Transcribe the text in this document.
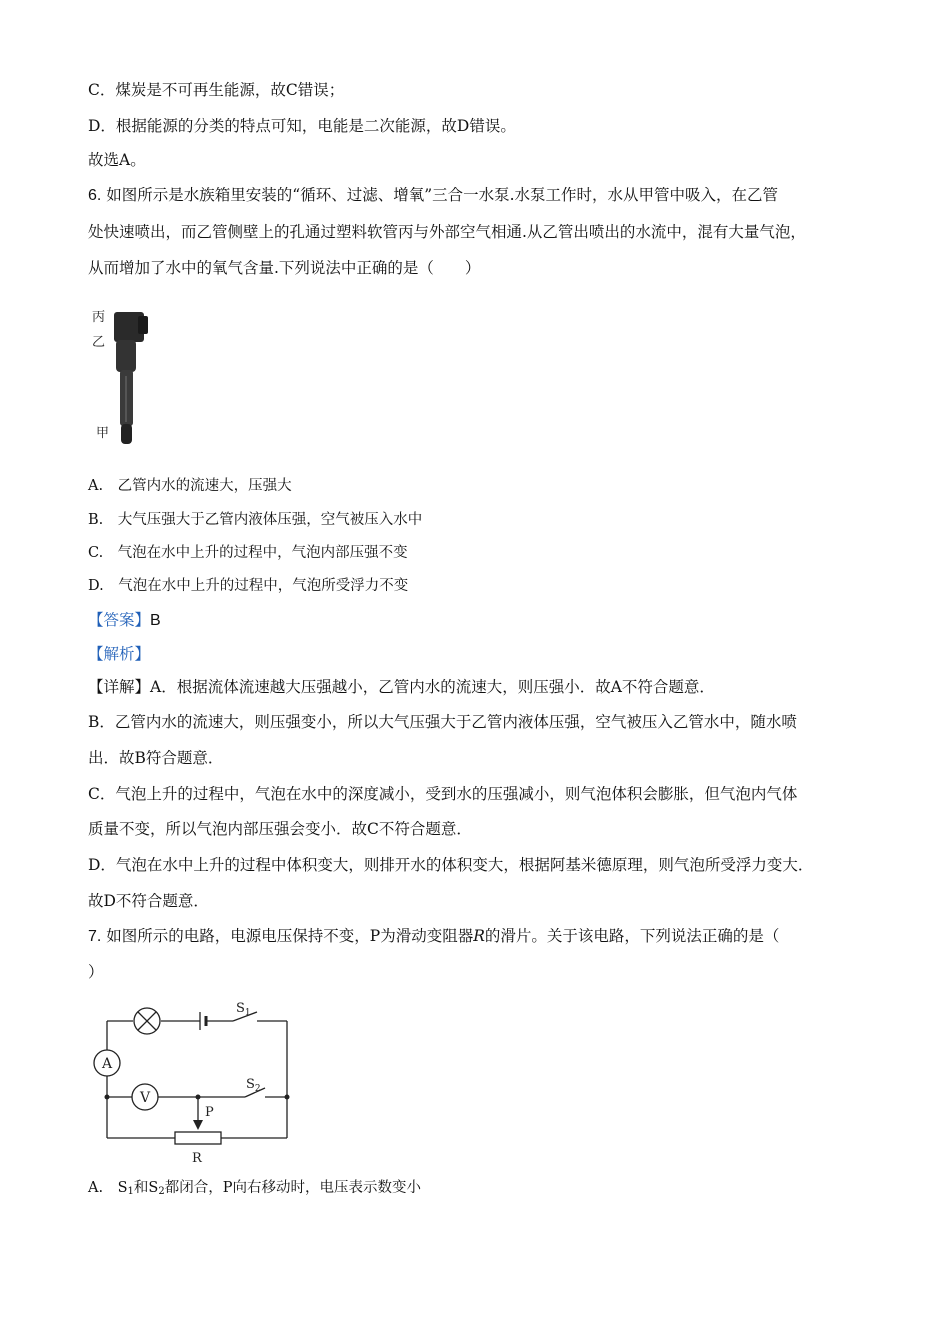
C．煤炭是不可再生能源，故C错误；
D．根据能源的分类的特点可知，电能是二次能源，故D错误。
故选A。
6. 如图所示是水族箱里安装的“循环、过滤、增氧”三合一水泵.水泵工作时，水从甲管中吸入，在乙管
处快速喷出，而乙管侧壁上的孔通过塑料软管丙与外部空气相通.从乙管出喷出的水流中，混有大量气泡，
从而增加了水中的氧气含量.下列说法中正确的是（　　）
丙
乙
甲
A.　乙管内水的流速大，压强大
B.　大气压强大于乙管内液体压强，空气被压入水中
C.　气泡在水中上升的过程中，气泡内部压强不变
D.　气泡在水中上升的过程中，气泡所受浮力不变
【答案】B
【解析】
【详解】A．根据流体流速越大压强越小，乙管内水的流速大，则压强小．故A不符合题意．
B．乙管内水的流速大，则压强变小，所以大气压强大于乙管内液体压强，空气被压入乙管水中，随水喷
出．故B符合题意．
C．气泡上升的过程中，气泡在水中的深度减小，受到水的压强减小，则气泡体积会膨胀，但气泡内气体
质量不变，所以气泡内部压强会变小．故C不符合题意．
D．气泡在水中上升的过程中体积变大，则排开水的体积变大，根据阿基米德原理，则气泡所受浮力变大．
故D不符合题意．
7. 如图所示的电路，电源电压保持不变，P为滑动变阻器R的滑片。关于该电路，下列说法正确的是（
）
A
V
$S_1$
$S_2$
P
R
A.　$S_1$和$S_2$都闭合，P向右移动时，电压表示数变小
